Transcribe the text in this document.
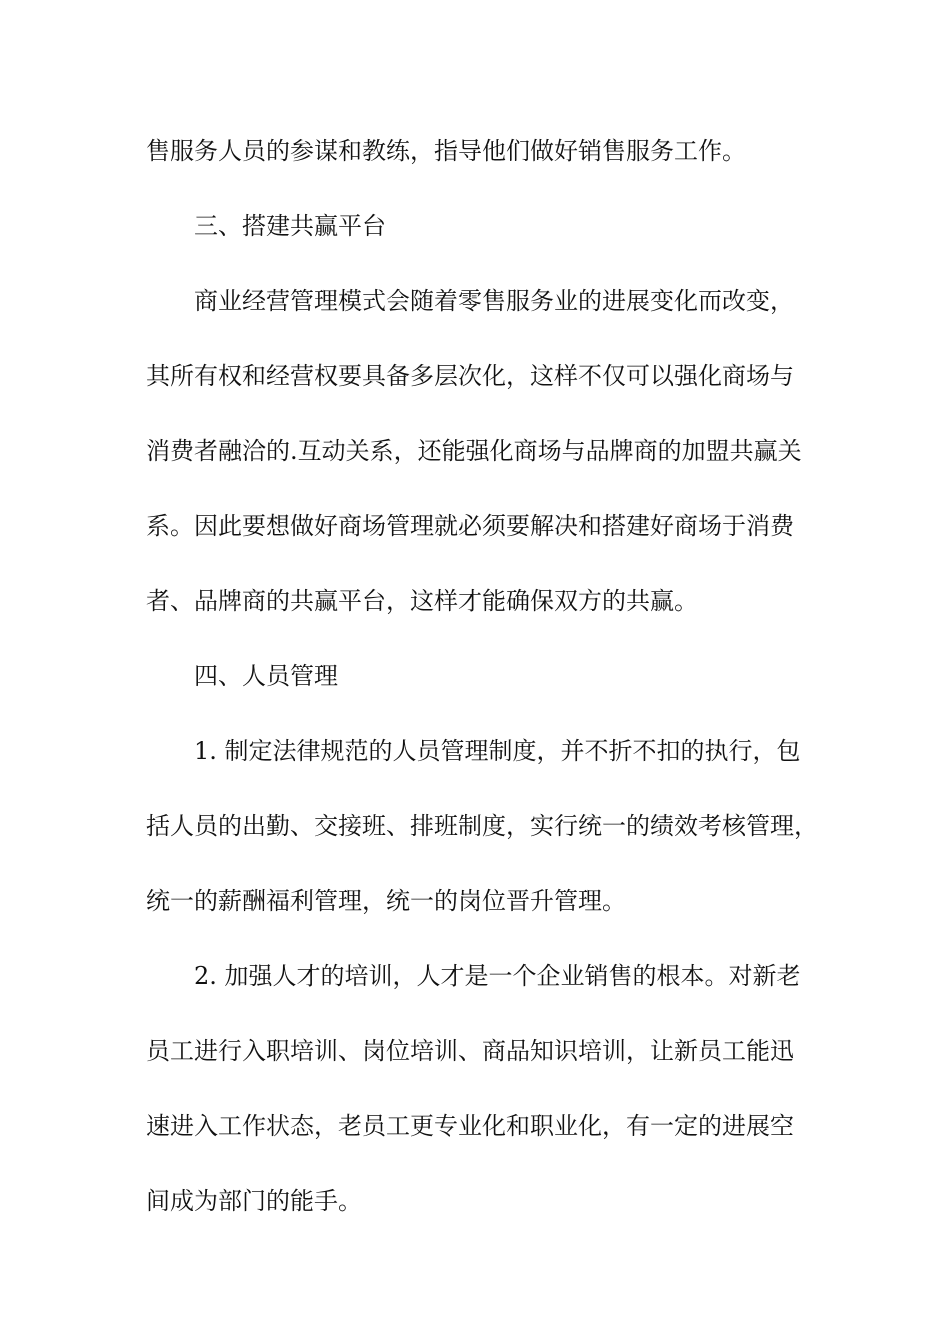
售服务人员的参谋和教练，指导他们做好销售服务工作。
三、搭建共赢平台
商业经营管理模式会随着零售服务业的进展变化而改变，
其所有权和经营权要具备多层次化，这样不仅可以强化商场与
消费者融洽的.互动关系，还能强化商场与品牌商的加盟共赢关
系。因此要想做好商场管理就必须要解决和搭建好商场于消费
者、品牌商的共赢平台，这样才能确保双方的共赢。
四、人员管理
1. 制定法律规范的人员管理制度，并不折不扣的执行，包
括人员的出勤、交接班、排班制度，实行统一的绩效考核管理，
统一的薪酬福利管理，统一的岗位晋升管理。
2. 加强人才的培训，人才是一个企业销售的根本。对新老
员工进行入职培训、岗位培训、商品知识培训，让新员工能迅
速进入工作状态，老员工更专业化和职业化，有一定的进展空
间成为部门的能手。
